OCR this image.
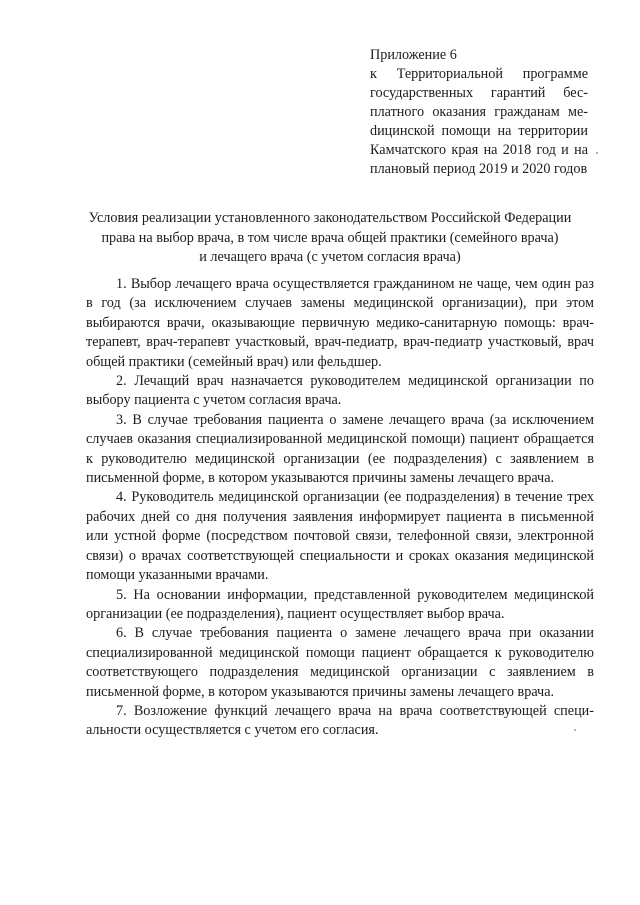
Приложение 6
к Территориальной программе государственных гарантий бесплатного оказания гражданам меdицинской помощи на территории Камчатского края на 2018 год и на плановый период 2019 и 2020 годов
Условия реализации установленного законодательством Российской Федерации
права на выбор врача, в том числе врача общей практики (семейного врача)
и лечащего врача (с учетом согласия врача)

1. Выбор лечащего врача осуществляется гражданином не чаще, чем один раз в год (за исключением случаев замены медицинской организации), при этом выбираются врачи, оказывающие первичную медико-санитарную помощь: врач-терапевт, врач-терапевт участковый, врач-педиатр, врач-педиатр участковый, врач общей практики (семейный врач) или фельдшер.

2. Лечащий врач назначается руководителем медицинской организации по выбору пациента с учетом согласия врача.

3. В случае требования пациента о замене лечащего врача (за исключением случаев оказания специализированной медицинской помощи) пациент обращается к руководителю медицинской организации (ее подразделения) с заявлением в письменной форме, в котором указываются причины замены лечащего врача.

4. Руководитель медицинской организации (ее подразделения) в течение трех рабочих дней со дня получения заявления информирует пациента в письменной или устной форме (посредством почтовой связи, телефонной связи, электронной связи) о врачах соответствующей специальности и сроках оказания медицинской помощи указанными врачами.

5. На основании информации, представленной руководителем медицинской организации (ее подразделения), пациент осуществляет выбор врача.

6. В случае требования пациента о замене лечащего врача при оказании специализированной медицинской помощи пациент обращается к руководителю соответствующего подразделения медицинской организации с заявлением в письменной форме, в котором указываются причины замены лечащего врача.

7. Возложение функций лечащего врача на врача соответствующей специальности осуществляется с учетом его согласия.
